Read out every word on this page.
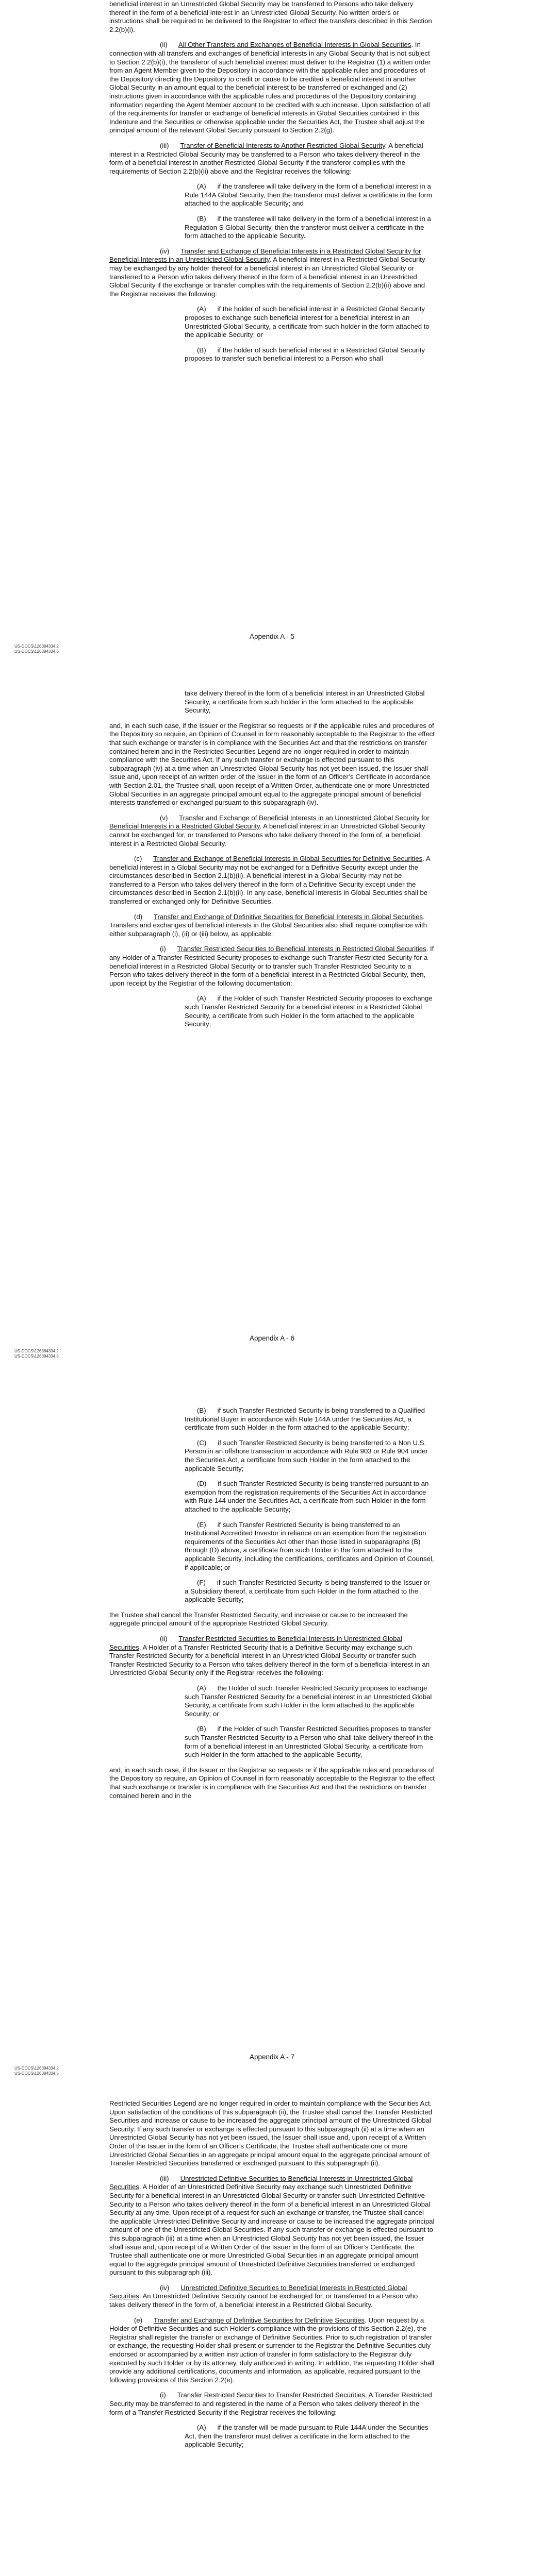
beneficial interest in an Unrestricted Global Security may be transferred to Persons who take delivery thereof in the form of a beneficial interest in an Unrestricted Global Security. No written orders or instructions shall be required to be delivered to the Registrar to effect the transfers described in this Section 2.2(b)(i).

(ii) All Other Transfers and Exchanges of Beneficial Interests in Global Securities. In connection with all transfers and exchanges of beneficial interests in any Global Security that is not subject to Section 2.2(b)(i), the transferor of such beneficial interest must deliver to the Registrar (1) a written order from an Agent Member given to the Depository in accordance with the applicable rules and procedures of the Depository directing the Depository to credit or cause to be credited a beneficial interest in another Global Security in an amount equal to the beneficial interest to be transferred or exchanged and (2) instructions given in accordance with the applicable rules and procedures of the Depository containing information regarding the Agent Member account to be credited with such increase. Upon satisfaction of all of the requirements for transfer or exchange of beneficial interests in Global Securities contained in this Indenture and the Securities or otherwise applicable under the Securities Act, the Trustee shall adjust the principal amount of the relevant Global Security pursuant to Section 2.2(g).

(iii) Transfer of Beneficial Interests to Another Restricted Global Security. A beneficial interest in a Restricted Global Security may be transferred to a Person who takes delivery thereof in the form of a beneficial interest in another Restricted Global Security if the transferor complies with the requirements of Section 2.2(b)(ii) above and the Registrar receives the following:

(A) if the transferee will take delivery in the form of a beneficial interest in a Rule 144A Global Security, then the transferor must deliver a certificate in the form attached to the applicable Security; and

(B) if the transferee will take delivery in the form of a beneficial interest in a Regulation S Global Security, then the transferor must deliver a certificate in the form attached to the applicable Security.

(iv) Transfer and Exchange of Beneficial Interests in a Restricted Global Security for Beneficial Interests in an Unrestricted Global Security. A beneficial interest in a Restricted Global Security may be exchanged by any holder thereof for a beneficial interest in an Unrestricted Global Security or transferred to a Person who takes delivery thereof in the form of a beneficial interest in an Unrestricted Global Security if the exchange or transfer complies with the requirements of Section 2.2(b)(ii) above and the Registrar receives the following:

(A) if the holder of such beneficial interest in a Restricted Global Security proposes to exchange such beneficial interest for a beneficial interest in an Unrestricted Global Security, a certificate from such holder in the form attached to the applicable Security; or

(B) if the holder of such beneficial interest in a Restricted Global Security proposes to transfer such beneficial interest to a Person who shall

Appendix A - 5
US-DOCS\126384334.2
US-DOCS\126384334.5

take delivery thereof in the form of a beneficial interest in an Unrestricted Global Security, a certificate from such holder in the form attached to the applicable Security,

and, in each such case, if the Issuer or the Registrar so requests or if the applicable rules and procedures of the Depository so require, an Opinion of Counsel in form reasonably acceptable to the Registrar to the effect that such exchange or transfer is in compliance with the Securities Act and that the restrictions on transfer contained herein and in the Restricted Securities Legend are no longer required in order to maintain compliance with the Securities Act. If any such transfer or exchange is effected pursuant to this subparagraph (iv) at a time when an Unrestricted Global Security has not yet been issued, the Issuer shall issue and, upon receipt of an written order of the Issuer in the form of an Officer’s Certificate in accordance with Section 2.01, the Trustee shall, upon receipt of a Written Order, authenticate one or more Unrestricted Global Securities in an aggregate principal amount equal to the aggregate principal amount of beneficial interests transferred or exchanged pursuant to this subparagraph (iv).

(v) Transfer and Exchange of Beneficial Interests in an Unrestricted Global Security for Beneficial Interests in a Restricted Global Security. A beneficial interest in an Unrestricted Global Security cannot be exchanged for, or transferred to Persons who take delivery thereof in the form of, a beneficial interest in a Restricted Global Security.

(c) Transfer and Exchange of Beneficial Interests in Global Securities for Definitive Securities. A beneficial interest in a Global Security may not be exchanged for a Definitive Security except under the circumstances described in Section 2.1(b)(ii). A beneficial interest in a Global Security may not be transferred to a Person who takes delivery thereof in the form of a Definitive Security except under the circumstances described in Section 2.1(b)(ii). In any case, beneficial interests in Global Securities shall be transferred or exchanged only for Definitive Securities.

(d) Transfer and Exchange of Definitive Securities for Beneficial Interests in Global Securities. Transfers and exchanges of beneficial interests in the Global Securities also shall require compliance with either subparagraph (i), (ii) or (iii) below, as applicable:

(i) Transfer Restricted Securities to Beneficial Interests in Restricted Global Securities. If any Holder of a Transfer Restricted Security proposes to exchange such Transfer Restricted Security for a beneficial interest in a Restricted Global Security or to transfer such Transfer Restricted Security to a Person who takes delivery thereof in the form of a beneficial interest in a Restricted Global Security, then, upon receipt by the Registrar of the following documentation:

(A) if the Holder of such Transfer Restricted Security proposes to exchange such Transfer Restricted Security for a beneficial interest in a Restricted Global Security, a certificate from such Holder in the form attached to the applicable Security;

Appendix A - 6
US-DOCS\126384334.2
US-DOCS\126384334.5

(B) if such Transfer Restricted Security is being transferred to a Qualified Institutional Buyer in accordance with Rule 144A under the Securities Act, a certificate from such Holder in the form attached to the applicable Security;

(C) if such Transfer Restricted Security is being transferred to a Non U.S. Person in an offshore transaction in accordance with Rule 903 or Rule 904 under the Securities Act, a certificate from such Holder in the form attached to the applicable Security;

(D) if such Transfer Restricted Security is being transferred pursuant to an exemption from the registration requirements of the Securities Act in accordance with Rule 144 under the Securities Act, a certificate from such Holder in the form attached to the applicable Security;

(E) if such Transfer Restricted Security is being transferred to an Institutional Accredited Investor in reliance on an exemption from the registration requirements of the Securities Act other than those listed in subparagraphs (B) through (D) above, a certificate from such Holder in the form attached to the applicable Security, including the certifications, certificates and Opinion of Counsel, if applicable; or

(F) if such Transfer Restricted Security is being transferred to the Issuer or a Subsidiary thereof, a certificate from such Holder in the form attached to the applicable Security;

the Trustee shall cancel the Transfer Restricted Security, and increase or cause to be increased the aggregate principal amount of the appropriate Restricted Global Security.

(ii) Transfer Restricted Securities to Beneficial Interests in Unrestricted Global Securities. A Holder of a Transfer Restricted Security that is a Definitive Security may exchange such Transfer Restricted Security for a beneficial interest in an Unrestricted Global Security or transfer such Transfer Restricted Security to a Person who takes delivery thereof in the form of a beneficial interest in an Unrestricted Global Security only if the Registrar receives the following:

(A) the Holder of such Transfer Restricted Security proposes to exchange such Transfer Restricted Security for a beneficial interest in an Unrestricted Global Security, a certificate from such Holder in the form attached to the applicable Security; or

(B) if the Holder of such Transfer Restricted Securities proposes to transfer such Transfer Restricted Security to a Person who shall take delivery thereof in the form of a beneficial interest in an Unrestricted Global Security, a certificate from such Holder in the form attached to the applicable Security,

and, in each such case, if the Issuer or the Registrar so requests or if the applicable rules and procedures of the Depository so require, an Opinion of Counsel in form reasonably acceptable to the Registrar to the effect that such exchange or transfer is in compliance with the Securities Act and that the restrictions on transfer contained herein and in the

Appendix A - 7
US-DOCS\126384334.2
US-DOCS\126384334.5

Restricted Securities Legend are no longer required in order to maintain compliance with the Securities Act. Upon satisfaction of the conditions of this subparagraph (ii), the Trustee shall cancel the Transfer Restricted Securities and increase or cause to be increased the aggregate principal amount of the Unrestricted Global Security. If any such transfer or exchange is effected pursuant to this subparagraph (ii) at a time when an Unrestricted Global Security has not yet been issued, the Issuer shall issue and, upon receipt of a Written Order of the Issuer in the form of an Officer’s Certificate, the Trustee shall authenticate one or more Unrestricted Global Securities in an aggregate principal amount equal to the aggregate principal amount of Transfer Restricted Securities transferred or exchanged pursuant to this subparagraph (ii).

(iii) Unrestricted Definitive Securities to Beneficial Interests in Unrestricted Global Securities. A Holder of an Unrestricted Definitive Security may exchange such Unrestricted Definitive Security for a beneficial interest in an Unrestricted Global Security or transfer such Unrestricted Definitive Security to a Person who takes delivery thereof in the form of a beneficial interest in an Unrestricted Global Security at any time. Upon receipt of a request for such an exchange or transfer, the Trustee shall cancel the applicable Unrestricted Definitive Security and increase or cause to be increased the aggregate principal amount of one of the Unrestricted Global Securities. If any such transfer or exchange is effected pursuant to this subparagraph (iii) at a time when an Unrestricted Global Security has not yet been issued, the Issuer shall issue and, upon receipt of a Written Order of the Issuer in the form of an Officer’s Certificate, the Trustee shall authenticate one or more Unrestricted Global Securities in an aggregate principal amount equal to the aggregate principal amount of Unrestricted Definitive Securities transferred or exchanged pursuant to this subparagraph (iii).

(iv) Unrestricted Definitive Securities to Beneficial Interests in Restricted Global Securities. An Unrestricted Definitive Security cannot be exchanged for, or transferred to a Person who takes delivery thereof in the form of, a beneficial interest in a Restricted Global Security.

(e) Transfer and Exchange of Definitive Securities for Definitive Securities. Upon request by a Holder of Definitive Securities and such Holder’s compliance with the provisions of this Section 2.2(e), the Registrar shall register the transfer or exchange of Definitive Securities. Prior to such registration of transfer or exchange, the requesting Holder shall present or surrender to the Registrar the Definitive Securities duly endorsed or accompanied by a written instruction of transfer in form satisfactory to the Registrar duly executed by such Holder or by its attorney, duly authorized in writing. In addition, the requesting Holder shall provide any additional certifications, documents and information, as applicable, required pursuant to the following provisions of this Section 2.2(e).

(i) Transfer Restricted Securities to Transfer Restricted Securities. A Transfer Restricted Security may be transferred to and registered in the name of a Person who takes delivery thereof in the form of a Transfer Restricted Security if the Registrar receives the following:

(A) if the transfer will be made pursuant to Rule 144A under the Securities Act, then the transferor must deliver a certificate in the form attached to the applicable Security;
